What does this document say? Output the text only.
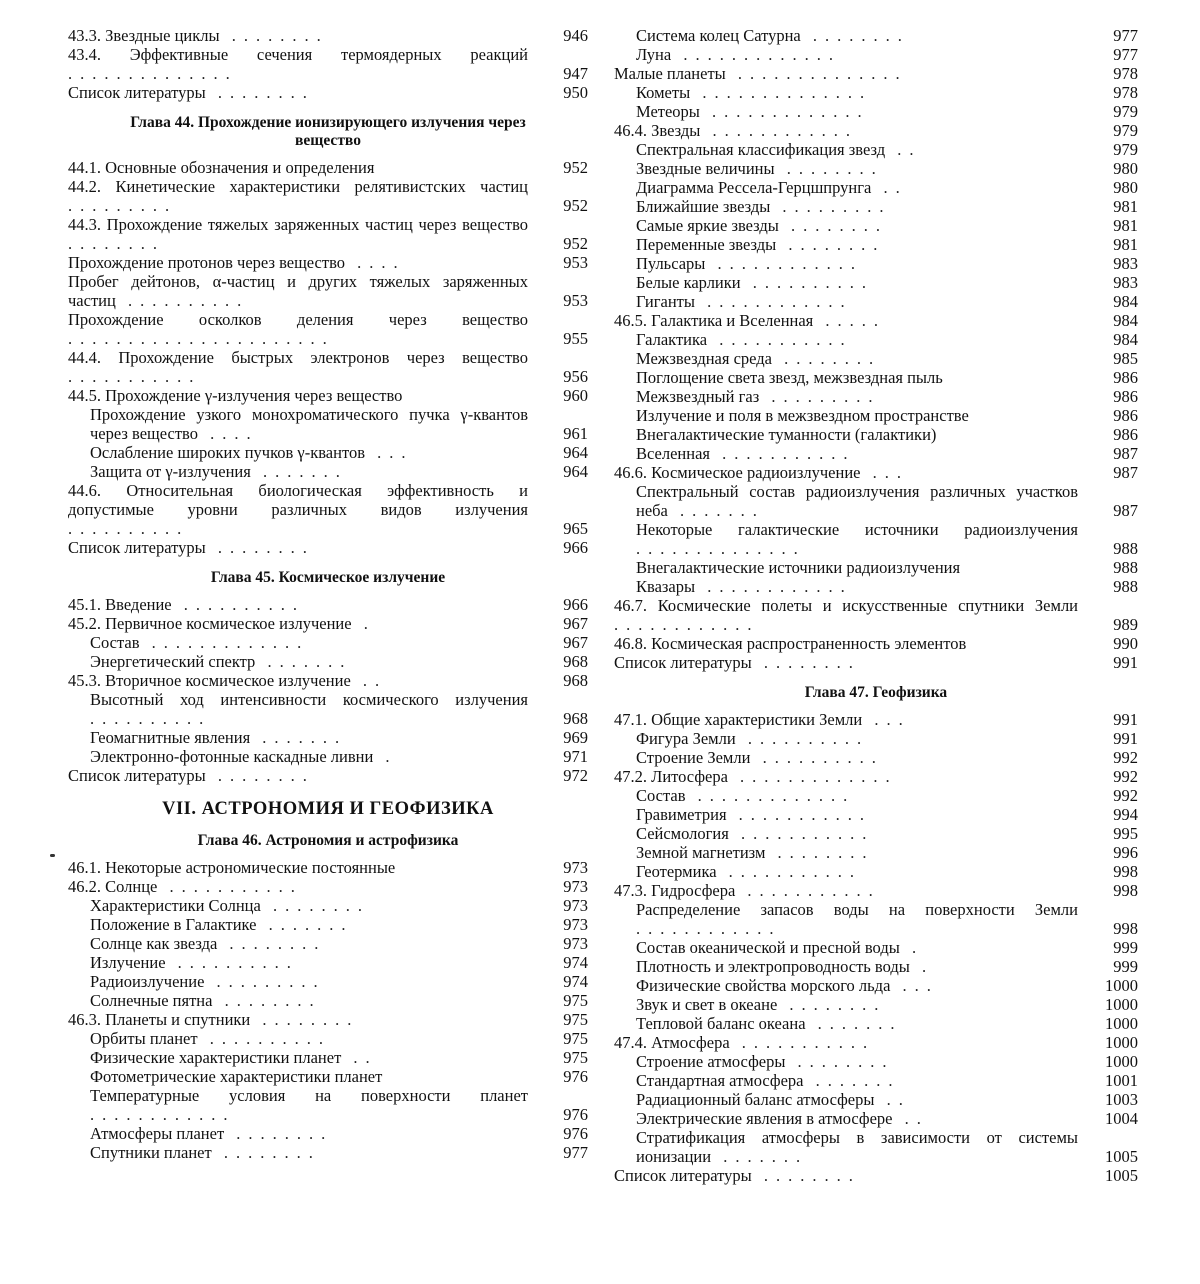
43.3. Звездные циклы ........	946
43.4. Эффективные сечения термоядерных реакций ..............	947
Список литературы ........	950
Глава 44. Прохождение ионизирующего излучения через вещество
44.1. Основные обозначения и определения	952
44.2. Кинетические характеристики релятивистских частиц .........	952
44.3. Прохождение тяжелых заряженных частиц через вещество ........	952
Прохождение протонов через вещество ....	953
Пробег дейтонов, α-частиц и других тяжелых заряженных частиц ..........	953
Прохождение осколков деления через вещество ......................	955
44.4. Прохождение быстрых электронов через вещество ...........	956
44.5. Прохождение γ-излучения через вещество	960
Прохождение узкого монохроматического пучка γ-квантов через вещество ....	961
Ослабление широких пучков γ-квантов ...	964
Защита от γ-излучения .......	964
44.6. Относительная биологическая эффективность и допустимые уровни различных видов излучения ..........	965
Список литературы ........	966
Глава 45. Космическое излучение
45.1. Введение ..........	966
45.2. Первичное космическое излучение .	967
Состав .............	967
Энергетический спектр .......	968
45.3. Вторичное космическое излучение ..	968
Высотный ход интенсивности космического излучения ..........	968
Геомагнитные явления .......	969
Электронно-фотонные каскадные ливни .	971
Список литературы ........	972
VII. АСТРОНОМИЯ И ГЕОФИЗИКА
Глава 46. Астрономия и астрофизика
46.1. Некоторые астрономические постоянные	973
46.2. Солнце ...........	973
Характеристики Солнца ........	973
Положение в Галактике .......	973
Солнце как звезда ........	973
Излучение ..........	974
Радиоизлучение .........	974
Солнечные пятна ........	975
46.3. Планеты и спутники ........	975
Орбиты планет ..........	975
Физические характеристики планет ..	975
Фотометрические характеристики планет	976
Температурные условия на поверхности планет ............	976
Атмосферы планет ........	976
Спутники планет ........	977
Система колец Сатурна ........	977
Луна .............	977
Малые планеты ..............	978
Кометы ..............	978
Метеоры .............	979
46.4. Звезды ............	979
Спектральная классификация звезд ..	979
Звездные величины ........	980
Диаграмма Рессела-Герцшпрунга ..	980
Ближайшие звезды .........	981
Самые яркие звезды ........	981
Переменные звезды ........	981
Пульсары ............	983
Белые карлики ..........	983
Гиганты ............	984
46.5. Галактика и Вселенная .....	984
Галактика ...........	984
Межзвездная среда ........	985
Поглощение света звезд, межзвездная пыль	986
Межзвездный газ .........	986
Излучение и поля в межзвездном пространстве	986
Внегалактические туманности (галактики)	986
Вселенная ...........	987
46.6. Космическое радиоизлучение ...	987
Спектральный состав радиоизлучения различных участков неба .......	987
Некоторые галактические источники радиоизлучения ..............	988
Внегалактические источники радиоизлучения	988
Квазары ............	988
46.7. Космические полеты и искусственные спутники Земли ............	989
46.8. Космическая распространенность элементов	990
Список литературы ........	991
Глава 47. Геофизика
47.1. Общие характеристики Земли ...	991
Фигура Земли ..........	991
Строение Земли ..........	992
47.2. Литосфера .............	992
Состав .............	992
Гравиметрия ...........	994
Сейсмология ...........	995
Земной магнетизм ........	996
Геотермика ...........	998
47.3. Гидросфера ...........	998
Распределение запасов воды на поверхности Земли ............	998
Состав океанической и пресной воды .	999
Плотность и электропроводность воды .	999
Физические свойства морского льда ...	1000
Звук и свет в океане ........	1000
Тепловой баланс океана .......	1000
47.4. Атмосфера ...........	1000
Строение атмосферы ........	1000
Стандартная атмосфера .......	1001
Радиационный баланс атмосферы ..	1003
Электрические явления в атмосфере ..	1004
Стратификация атмосферы в зависимости от системы ионизации .......	1005
Список литературы ........	1005
